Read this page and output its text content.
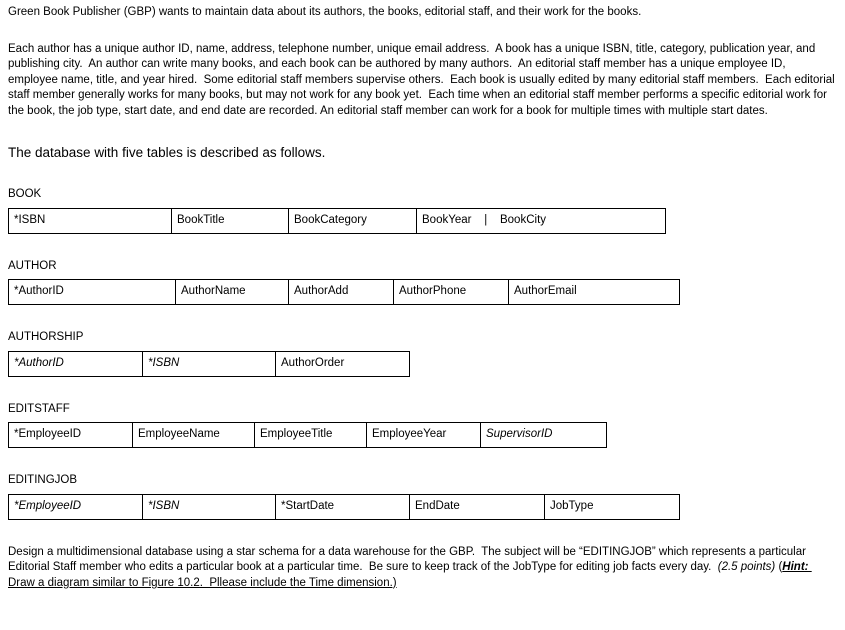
Green Book Publisher (GBP) wants to maintain data about its authors, the books, editorial staff, and their work for the books.

Each author has a unique author ID, name, address, telephone number, unique email address.  A book has a unique ISBN, title, category, publication year, and publishing city.  An author can write many books, and each book can be authored by many authors.  An editorial staff member has a unique employee ID, employee name, title, and year hired.  Some editorial staff members supervise others.  Each book is usually edited by many editorial staff members.  Each editorial staff member generally works for many books, but may not work for any book yet.  Each time when an editorial staff member performs a specific editorial work for the book, the job type, start date, and end date are recorded. An editorial staff member can work for a book for multiple times with multiple start dates.

The database with five tables is described as follows.
BOOK
*ISBN	BookTitle	BookCategory	BookYear    |    BookCity
AUTHOR
*AuthorID	AuthorName	AuthorAdd	AuthorPhone	AuthorEmail
AUTHORSHIP
*AuthorID	*ISBN	AuthorOrder
EDITSTAFF
*EmployeeID	EmployeeName	EmployeeTitle	EmployeeYear	SupervisorID
EDITINGJOB
*EmployeeID	*ISBN	*StartDate	EndDate	JobType

Design a multidimensional database using a star schema for a data warehouse for the GBP.  The subject will be “EDITINGJOB” which represents a particular Editorial Staff member who edits a particular book at a particular time.  Be sure to keep track of the JobType for editing job facts every day.  (2.5 points) (Hint: Draw a diagram similar to Figure 10.2.  Pllease include the Time dimension.)
